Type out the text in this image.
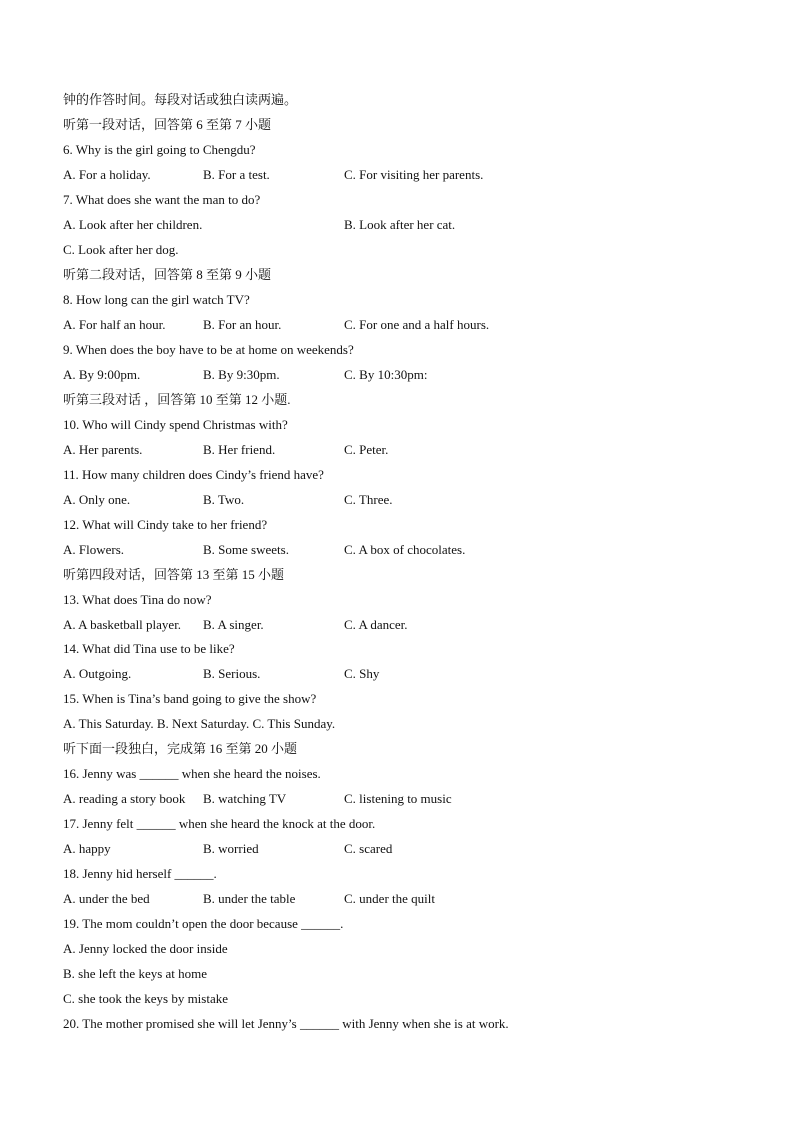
钟的作答时间。每段对话或独白读两遍。
听第一段对话，回答第 6 至第 7 小题
6. Why is the girl going to Chengdu?
A. For a holiday.	B. For a test.	C. For visiting her parents.
7. What does she want the man to do?
A. Look after her children.	B. Look after her cat.
C. Look after her dog.
听第二段对话，回答第 8 至第 9 小题
8. How long can the girl watch TV?
A. For half an hour.	B. For an hour.	C. For one and a half hours.
9. When does the boy have to be at home on weekends?
A. By 9:00pm.	B. By 9:30pm.	C. By 10:30pm:
听第三段对话 ，回答第 10 至第 12 小题.
10. Who will Cindy spend Christmas with?
A. Her parents.	B. Her friend.	C. Peter.
11. How many children does Cindy’s friend have?
A. Only one.	B. Two.	C. Three.
12. What will Cindy take to her friend?
A. Flowers.	B. Some sweets.	C. A box of chocolates.
听第四段对话，回答第 13 至第 15 小题
13. What does Tina do now?
A. A basketball player. B. A singer.	C. A dancer.
14. What did Tina use to be like?
A. Outgoing.	B. Serious.	C. Shy
15. When is Tina’s band going to give the show?
A. This Saturday. B. Next Saturday. C. This Sunday.
听下面一段独白，完成第 16 至第 20 小题
16. Jenny was ______ when she heard the noises.
A. reading a story book B. watching TV	C. listening to music
17. Jenny felt ______ when she heard the knock at the door.
A. happy	B. worried	C. scared
18. Jenny hid herself ______.
A. under the bed	B. under the table	C. under the quilt
19. The mom couldn’t open the door because ______.
A. Jenny locked the door inside
B. she left the keys at home
C. she took the keys by mistake
20. The mother promised she will let Jenny’s ______ with Jenny when she is at work.
